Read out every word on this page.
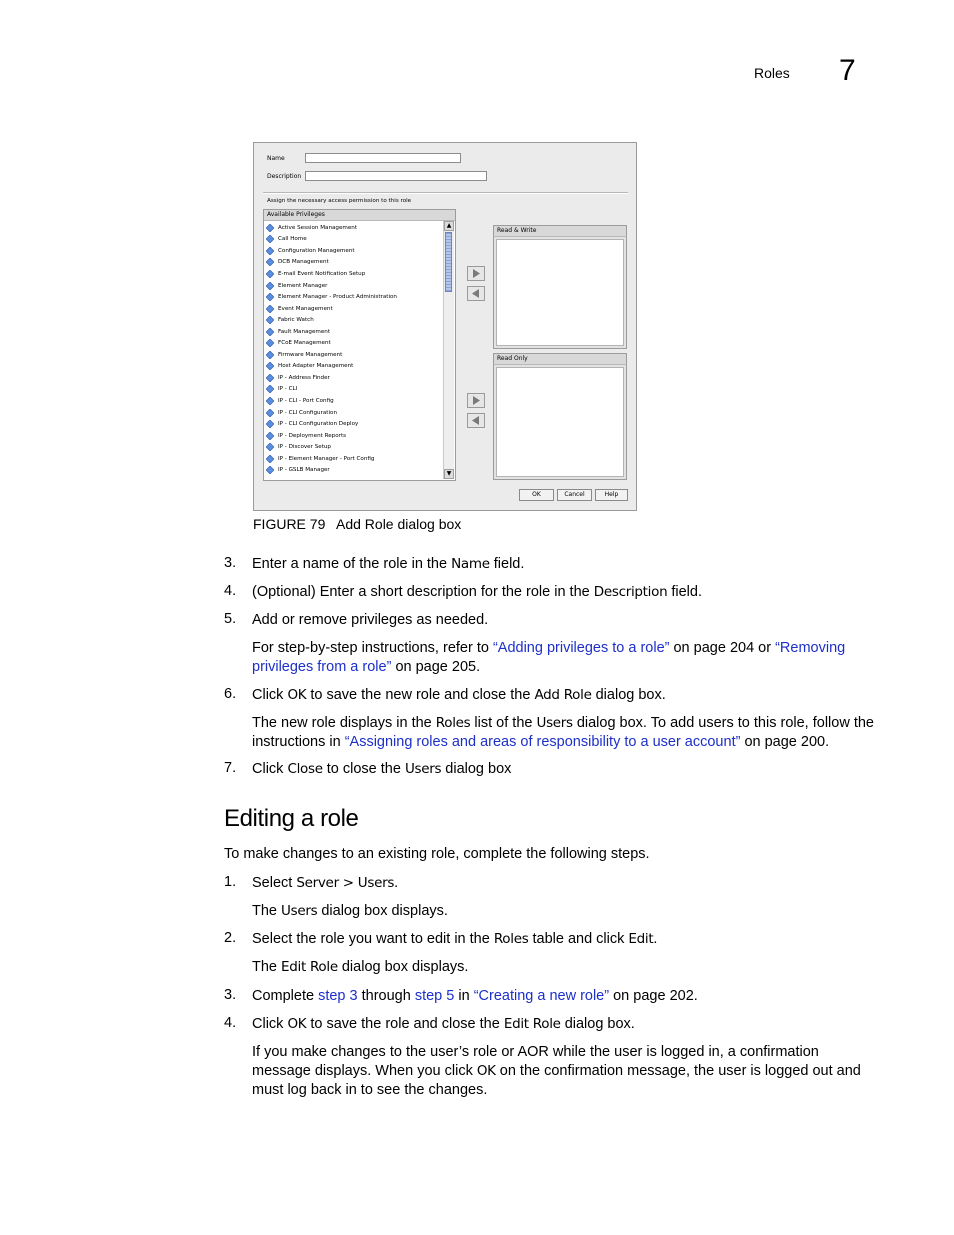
Roles 7
Name
Description
Assign the necessary access permission to this role
Available Privileges
Active Session Management
Call Home
Configuration Management
DCB Management
E-mail Event Notification Setup
Element Manager
Element Manager - Product Administration
Event Management
Fabric Watch
Fault Management
FCoE Management
Firmware Management
Host Adapter Management
IP - Address Finder
IP - CLI
IP - CLI - Port Config
IP - CLI Configuration
IP - CLI Configuration Deploy
IP - Deployment Reports
IP - Discover Setup
IP - Element Manager - Port Config
IP - GSLB Manager
▲
▼
Read & Write
Read Only
OK	Cancel	Help
FIGURE 79 Add Role dialog box
3. Enter a name of the role in the Name field.
4. (Optional) Enter a short description for the role in the Description field.
5. Add or remove privileges as needed.
For step-by-step instructions, refer to “Adding privileges to a role” on page 204 or “Removing privileges from a role” on page 205.
6. Click OK to save the new role and close the Add Role dialog box.
The new role displays in the Roles list of the Users dialog box. To add users to this role, follow the instructions in “Assigning roles and areas of responsibility to a user account” on page 200.
7. Click Close to close the Users dialog box
Editing a role
To make changes to an existing role, complete the following steps.
1. Select Server > Users.
The Users dialog box displays.
2. Select the role you want to edit in the Roles table and click Edit.
The Edit Role dialog box displays.
3. Complete step 3 through step 5 in “Creating a new role” on page 202.
4. Click OK to save the role and close the Edit Role dialog box.
If you make changes to the user’s role or AOR while the user is logged in, a confirmation message displays. When you click OK on the confirmation message, the user is logged out and must log back in to see the changes.
